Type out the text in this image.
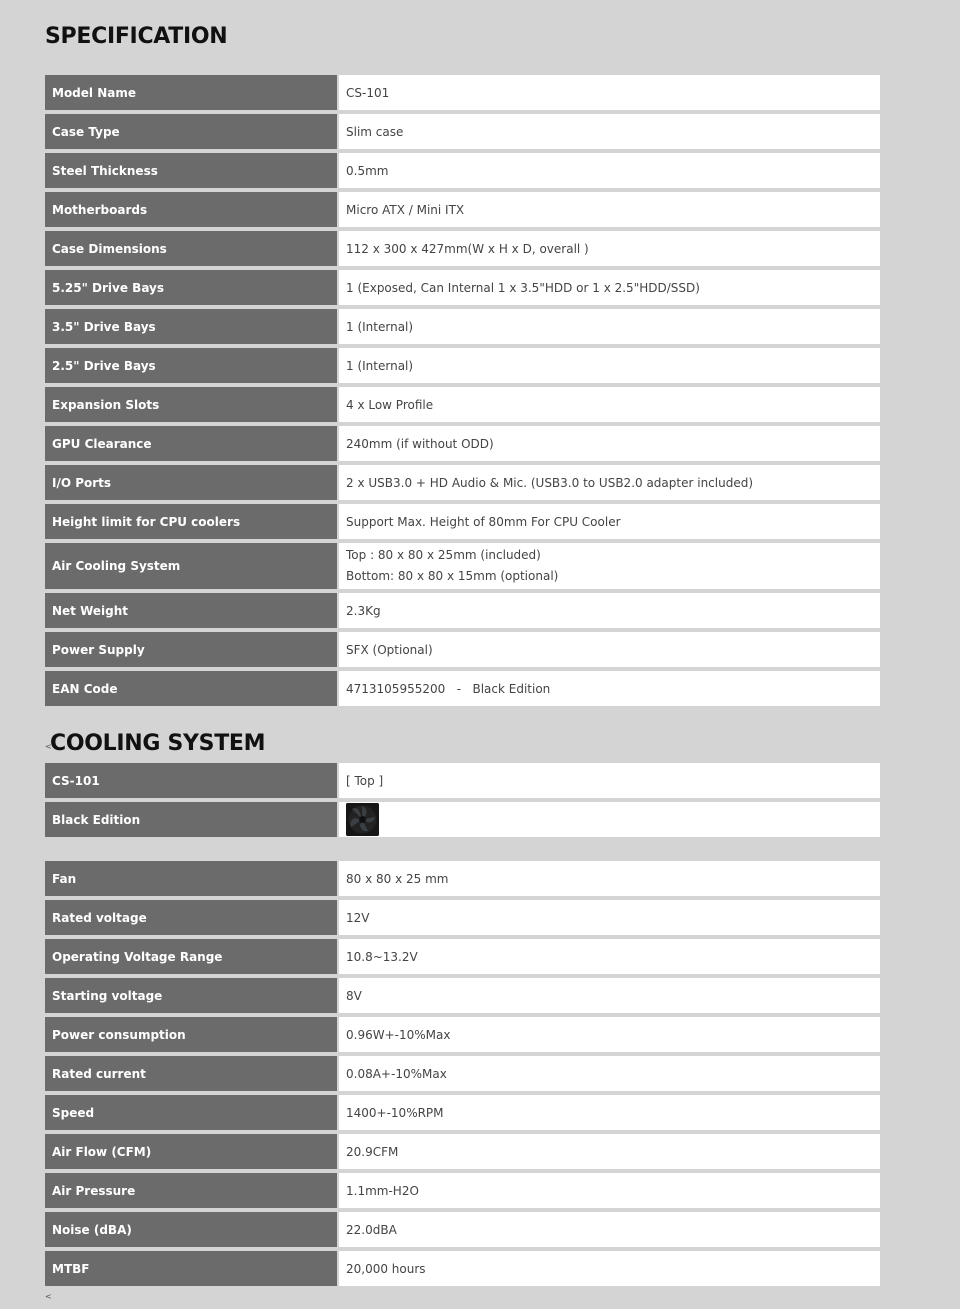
SPECIFICATION
Model Name	CS-101
Case Type	Slim case
Steel Thickness	0.5mm
Motherboards	Micro ATX / Mini ITX
Case Dimensions	112 x 300 x 427mm(W x H x D, overall )
5.25" Drive Bays	1 (Exposed, Can Internal 1 x 3.5"HDD or 1 x 2.5"HDD/SSD)
3.5" Drive Bays	1 (Internal)
2.5" Drive Bays	1 (Internal)
Expansion Slots	4 x Low Profile
GPU Clearance	240mm (if without ODD)
I/O Ports	2 x USB3.0 + HD Audio & Mic. (USB3.0 to USB2.0 adapter included)
Height limit for CPU coolers	Support Max. Height of 80mm For CPU Cooler
Air Cooling System	Top : 80 x 80 x 25mm (included)
Bottom: 80 x 80 x 15mm (optional)

Net Weight	2.3Kg
Power Supply	SFX (Optional)
EAN Code	4713105955200   -   Black Edition
<
COOLING SYSTEM
CS-101	[ Top ]
Black Edition	
Fan	80 x 80 x 25 mm
Rated voltage	12V
Operating Voltage Range	10.8~13.2V
Starting voltage	8V
Power consumption	0.96W+-10%Max
Rated current	0.08A+-10%Max
Speed	1400+-10%RPM
Air Flow (CFM)	20.9CFM
Air Pressure	1.1mm-H2O
Noise (dBA)	22.0dBA
MTBF	20,000 hours
<
